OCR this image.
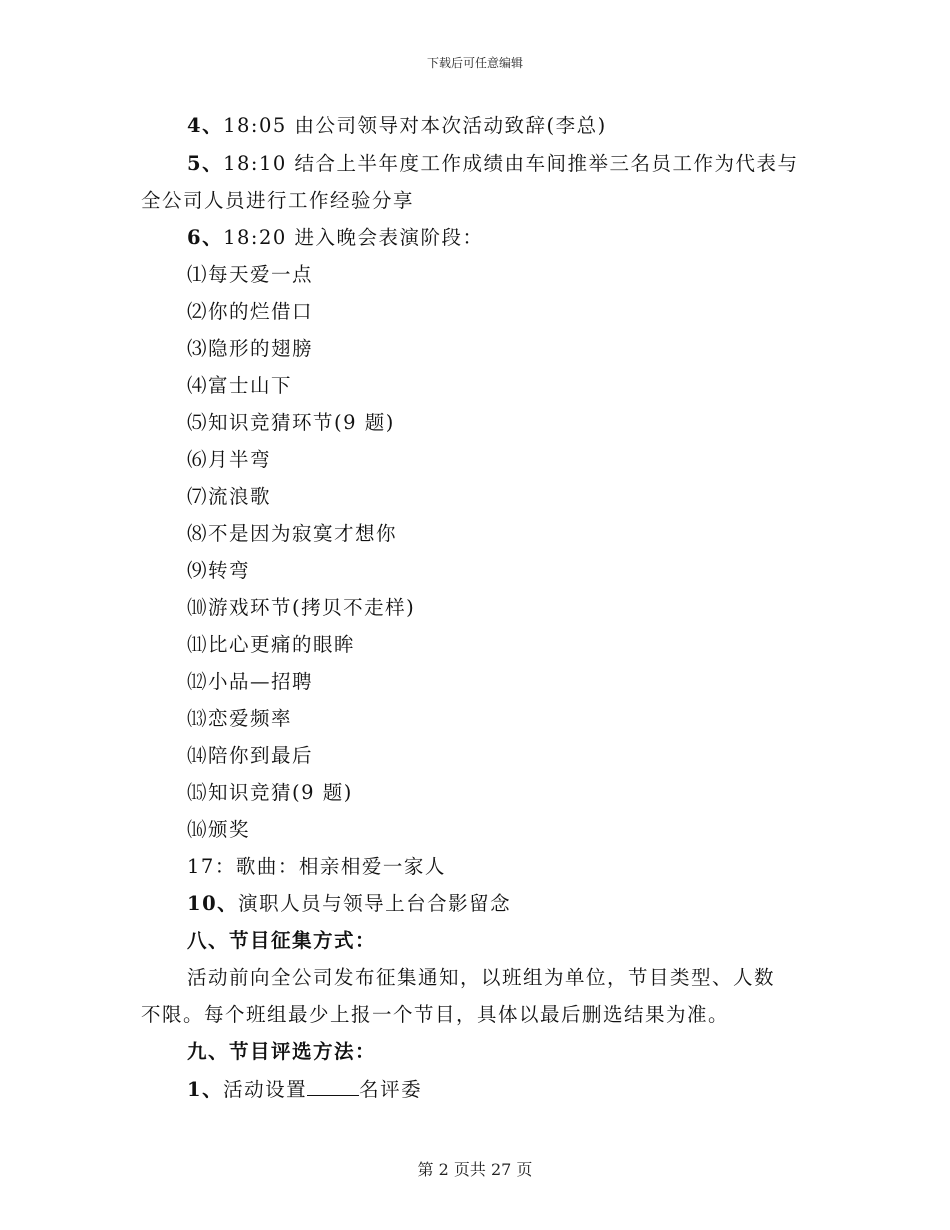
下载后可任意编辑
4、18:05 由公司领导对本次活动致辞(李总)
5、18:10 结合上半年度工作成绩由车间推举三名员工作为代表与
全公司人员进行工作经验分享
6、18:20 进入晚会表演阶段：
⑴每天爱一点
⑵你的烂借口
⑶隐形的翅膀
⑷富士山下
⑸知识竞猜环节(9 题)
⑹月半弯
⑺流浪歌
⑻不是因为寂寞才想你
⑼转弯
⑽游戏环节(拷贝不走样)
⑾比心更痛的眼眸
⑿小品—招聘
⒀恋爱频率
⒁陪你到最后
⒂知识竞猜(9 题)
⒃颁奖
17：歌曲：相亲相爱一家人
10、演职人员与领导上台合影留念
八、节目征集方式：
活动前向全公司发布征集通知，以班组为单位，节目类型、人数
不限。每个班组最少上报一个节目，具体以最后删选结果为准。
九、节目评选方法：
1、活动设置	名评委
第 2 页共 27 页
